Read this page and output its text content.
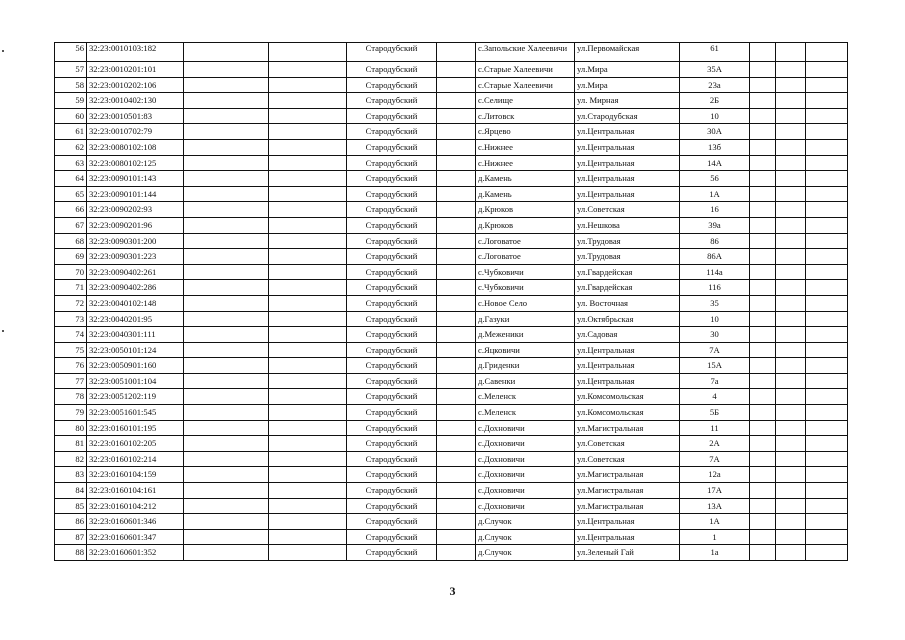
56	32:23:0010103:182			Стародубский		с.Запольские Халеевичи	ул.Первомайская	61			
57	32:23:0010201:101			Стародубский		с.Старые Халеевичи	ул.Мира	35А			
58	32:23:0010202:106			Стародубский		с.Старые Халеевичи	ул.Мира	23а			
59	32:23:0010402:130			Стародубский		с.Селище	ул. Мирная	2Б			
60	32:23:0010501:83			Стародубский		с.Литовск	ул.Стародубская	10			
61	32:23:0010702:79			Стародубский		с.Ярцево	ул.Центральная	30А			
62	32:23:0080102:108			Стародубский		с.Нижнее	ул.Центральная	13б			
63	32:23:0080102:125			Стародубский		с.Нижнее	ул.Центральная	14А			
64	32:23:0090101:143			Стародубский		д.Камень	ул.Центральная	56			
65	32:23:0090101:144			Стародубский		д.Камень	ул.Центральная	1А			
66	32:23:0090202:93			Стародубский		д.Крюков	ул.Советская	16			
67	32:23:0090201:96			Стародубский		д.Крюков	ул.Нешкова	39а			
68	32:23:0090301:200			Стародубский		с.Логоватое	ул.Трудовая	86			
69	32:23:0090301:223			Стародубский		с.Логоватое	ул.Трудовая	86А			
70	32:23:0090402:261			Стародубский		с.Чубковичи	ул.Гвардейская	114а			
71	32:23:0090402:286			Стародубский		с.Чубковичи	ул.Гвардейская	116			
72	32:23:0040102:148			Стародубский		с.Новое Село	ул. Восточная	35			
73	32:23:0040201:95			Стародубский		д.Газуки	ул.Октябрьская	10			
74	32:23:0040301:111			Стародубский		д.Меженики	ул.Садовая	30			
75	32:23:0050101:124			Стародубский		с.Яцковичи	ул.Центральная	7А			
76	32:23:0050901:160			Стародубский		д.Гриденки	ул.Центральная	15А			
77	32:23:0051001:104			Стародубский		д.Савенки	ул.Центральная	7а			
78	32:23:0051202:119			Стародубский		с.Меленск	ул.Комсомольская	4			
79	32:23:0051601:545			Стародубский		с.Меленск	ул.Комсомольская	5Б			
80	32:23:0160101:195			Стародубский		с.Дохновичи	ул.Магистральная	11			
81	32:23:0160102:205			Стародубский		с.Дохновичи	ул.Советская	2А			
82	32:23:0160102:214			Стародубский		с.Дохновичи	ул.Советская	7А			
83	32:23:0160104:159			Стародубский		с.Дохновичи	ул.Магистральная	12а			
84	32:23:0160104:161			Стародубский		с.Дохновичи	ул.Магистральная	17А			
85	32:23:0160104:212			Стародубский		с.Дохновичи	ул.Магистральная	13А			
86	32:23:0160601:346			Стародубский		д.Случок	ул.Центральная	1А			
87	32:23:0160601:347			Стародубский		д.Случок	ул.Центральная	1			
88	32:23:0160601:352			Стародубский		д.Случок	ул.Зеленый Гай	1а			
3
